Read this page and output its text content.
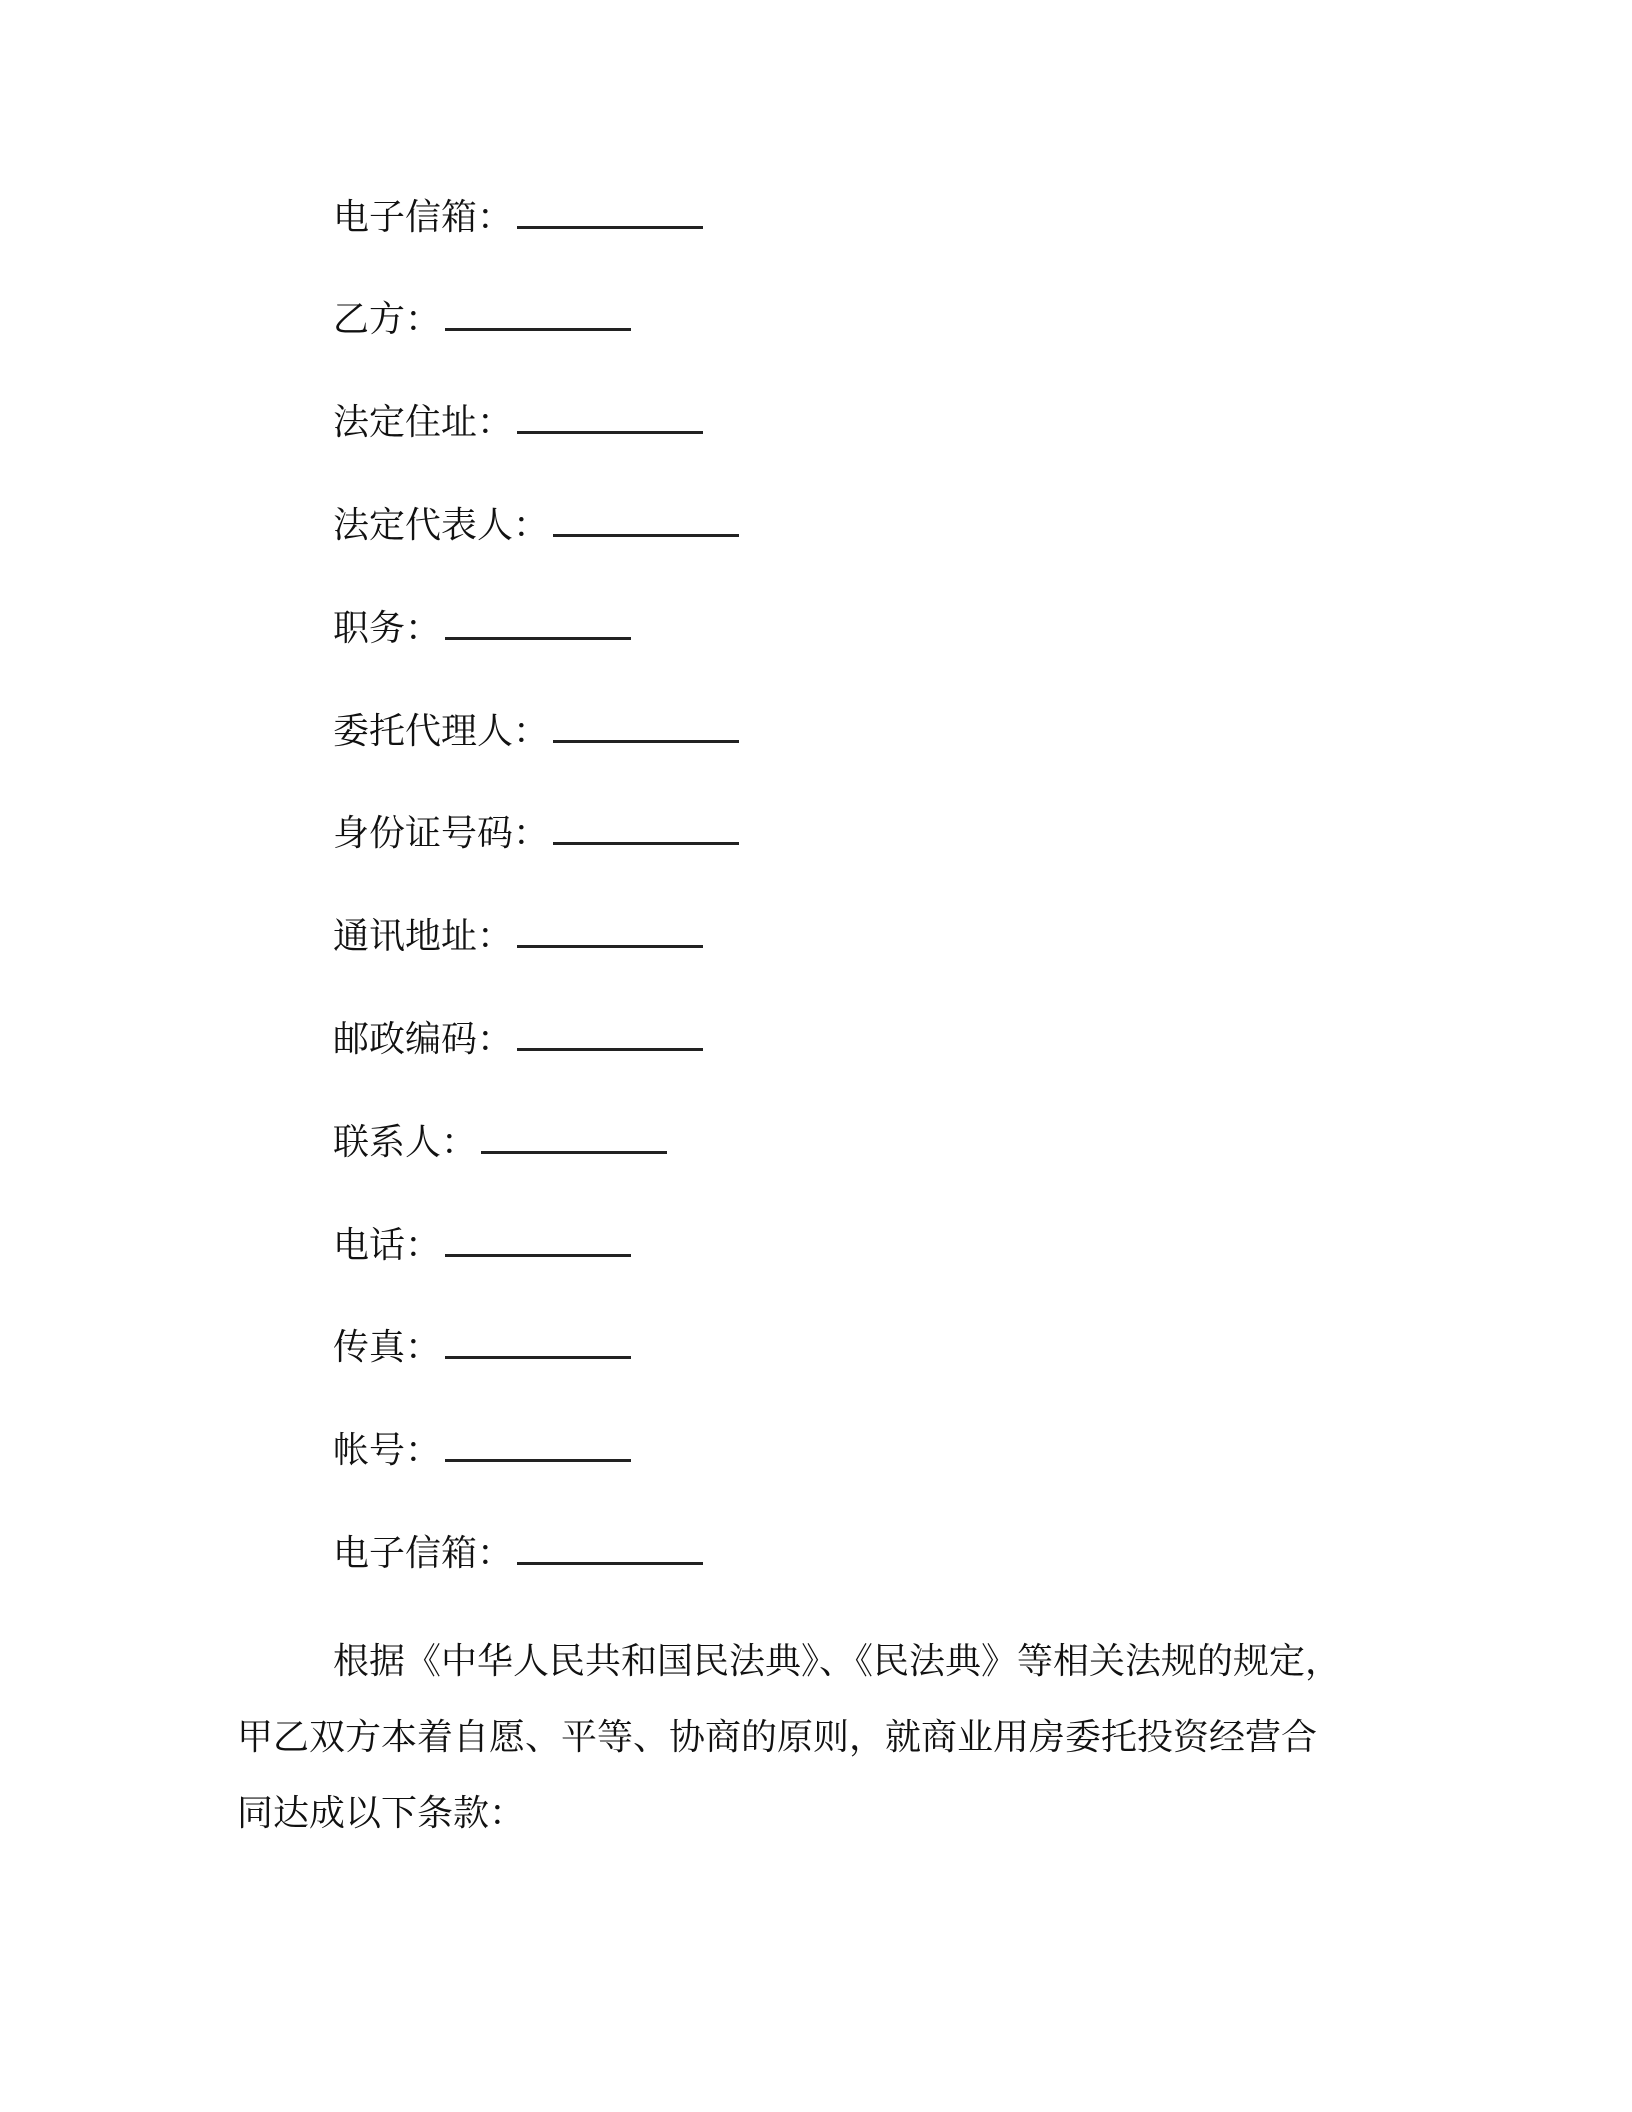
电子信箱：
乙方：
法定住址：
法定代表人：
职务：
委托代理人：
身份证号码：
通讯地址：
邮政编码：
联系人：
电话：
传真：
帐号：
电子信箱：
根据《中华人民共和国民法典》、《民法典》等相关法规的规定，
甲乙双方本着自愿、平等、协商的原则，就商业用房委托投资经营合
同达成以下条款：
